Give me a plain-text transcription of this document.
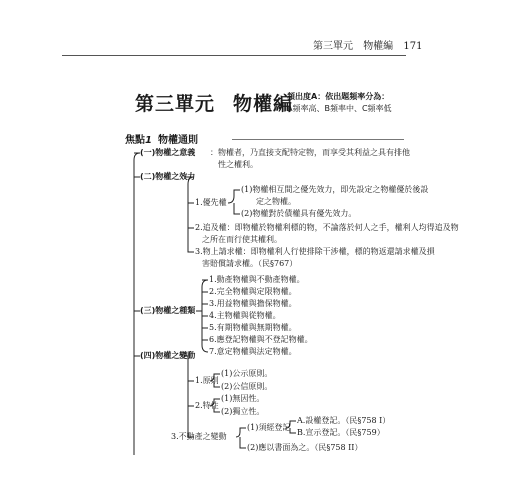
第三單元 物權編 171
第三單元 物權編
頻出度A：依出題頻率分為：
A頻率高、B頻率中、C頻率低
焦點1 物權通則
(一)物權之意義 ：物權者，乃直接支配特定物，而享受其利益之具有排他
性之權利。
(二)物權之效力
1.優先權
(1)物權相互間之優先效力，即先設定之物權優於後設
定之物權。
(2)物權對於債權具有優先效力。
2.追及權：即物權於物權利標的物，不論落於何人之手，權利人均得追及物
之所在而行使其權利。
3.物上請求權：即物權利人行使排除干涉權，標的物返還請求權及損
害賠償請求權。（民§767）
(三)物權之種類
1.動產物權與不動產物權。
2.完全物權與定限物權。
3.用益物權與擔保物權。
4.主物權與從物權。
5.有期物權與無期物權。
6.應登記物權與不登記物權。
7.意定物權與法定物權。
(四)物權之變動
1.原則
(1)公示原則。
(2)公信原則。
2.特性
(1)無因性。
(2)獨立性。
3.不動產之變動
(1)須經登記
A.設權登記。（民§758 I）
B.宣示登記。（民§759）
(2)應以書面為之。（民§758 II）
